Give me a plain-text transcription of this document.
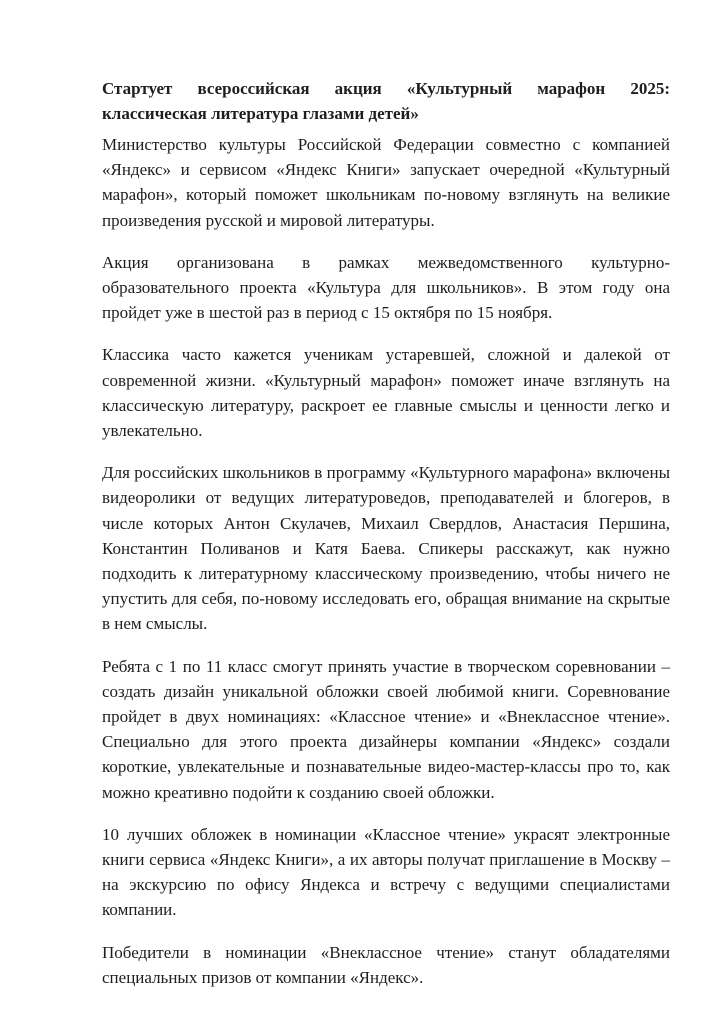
Стартует всероссийская акция «Культурный марафон 2025: классическая литература глазами детей»

Министерство культуры Российской Федерации совместно с компанией «Яндекс» и сервисом «Яндекс Книги» запускает очередной «Культурный марафон», который поможет школьникам по-новому взглянуть на великие произведения русской и мировой литературы.

Акция организована в рамках межведомственного культурно-образовательного проекта «Культура для школьников». В этом году она пройдет уже в шестой раз в период с 15 октября по 15 ноября.

Классика часто кажется ученикам устаревшей, сложной и далекой от современной жизни. «Культурный марафон» поможет иначе взглянуть на классическую литературу, раскроет ее главные смыслы и ценности легко и увлекательно.

Для российских школьников в программу «Культурного марафона» включены видеоролики от ведущих литературоведов, преподавателей и блогеров, в числе которых Антон Скулачев, Михаил Свердлов, Анастасия Першина, Константин Поливанов и Катя Баева. Спикеры расскажут, как нужно подходить к литературному классическому произведению, чтобы ничего не упустить для себя, по-новому исследовать его, обращая внимание на скрытые в нем смыслы.

Ребята с 1 по 11 класс смогут принять участие в творческом соревновании – создать дизайн уникальной обложки своей любимой книги. Соревнование пройдет в двух номинациях: «Классное чтение» и «Внеклассное чтение». Специально для этого проекта дизайнеры компании «Яндекс» создали короткие, увлекательные и познавательные видео-мастер-классы про то, как можно креативно подойти к созданию своей обложки.

10 лучших обложек в номинации «Классное чтение» украсят электронные книги сервиса «Яндекс Книги», а их авторы получат приглашение в Москву – на экскурсию по офису Яндекса и встречу с ведущими специалистами компании.

Победители в номинации «Внеклассное чтение» станут обладателями специальных призов от компании «Яндекс».
